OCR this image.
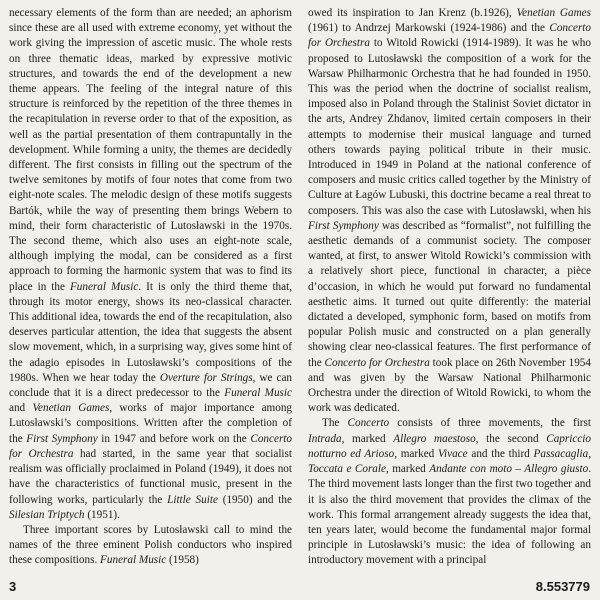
necessary elements of the form than are needed; an aphorism since these are all used with extreme economy, yet without the work giving the impression of ascetic music. The whole rests on three thematic ideas, marked by expressive motivic structures, and towards the end of the development a new theme appears. The feeling of the integral nature of this structure is reinforced by the repetition of the three themes in the recapitulation in reverse order to that of the exposition, as well as the partial presentation of them contrapuntally in the development. While forming a unity, the themes are decidedly different. The first consists in filling out the spectrum of the twelve semitones by motifs of four notes that come from two eight-note scales. The melodic design of these motifs suggests Bartók, while the way of presenting them brings Webern to mind, their form characteristic of Lutosławski in the 1970s. The second theme, which also uses an eight-note scale, although implying the modal, can be considered as a first approach to forming the harmonic system that was to find its place in the Funeral Music. It is only the third theme that, through its motor energy, shows its neo-classical character. This additional idea, towards the end of the recapitulation, also deserves particular attention, the idea that suggests the absent slow movement, which, in a surprising way, gives some hint of the adagio episodes in Lutosławski’s compositions of the 1980s. When we hear today the Overture for Strings, we can conclude that it is a direct predecessor to the Funeral Music and Venetian Games, works of major importance among Lutosławski’s compositions. Written after the completion of the First Symphony in 1947 and before work on the Concerto for Orchestra had started, in the same year that socialist realism was officially proclaimed in Poland (1949), it does not have the characteristics of functional music, present in the following works, particularly the Little Suite (1950) and the Silesian Triptych (1951).

Three important scores by Lutosławski call to mind the names of the three eminent Polish conductors who inspired these compositions. Funeral Music (1958)

owed its inspiration to Jan Krenz (b.1926), Venetian Games (1961) to Andrzej Markowski (1924-1986) and the Concerto for Orchestra to Witold Rowicki (1914-1989). It was he who proposed to Lutosławski the composition of a work for the Warsaw Philharmonic Orchestra that he had founded in 1950. This was the period when the doctrine of socialist realism, imposed also in Poland through the Stalinist Soviet dictator in the arts, Andrey Zhdanov, limited certain composers in their attempts to modernise their musical language and turned others towards paying political tribute in their music. Introduced in 1949 in Poland at the national conference of composers and music critics called together by the Ministry of Culture at Łagów Lubuski, this doctrine became a real threat to composers. This was also the case with Lutosławski, when his First Symphony was described as “formalist”, not fulfilling the aesthetic demands of a communist society. The composer wanted, at first, to answer Witold Rowicki’s commission with a relatively short piece, functional in character, a pièce d’occasion, in which he would put forward no fundamental aesthetic aims. It turned out quite differently: the material dictated a developed, symphonic form, based on motifs from popular Polish music and constructed on a plan generally showing clear neo-classical features. The first performance of the Concerto for Orchestra took place on 26th November 1954 and was given by the Warsaw National Philharmonic Orchestra under the direction of Witold Rowicki, to whom the work was dedicated.

The Concerto consists of three movements, the first Intrada, marked Allegro maestoso, the second Capriccio notturno ed Arioso, marked Vivace and the third Passacaglia, Toccata e Corale, marked Andante con moto – Allegro giusto. The third movement lasts longer than the first two together and it is also the third movement that provides the climax of the work. This formal arrangement already suggests the idea that, ten years later, would become the fundamental major formal principle in Lutosławski’s music: the idea of following an introductory movement with a principal

3	8.553779
